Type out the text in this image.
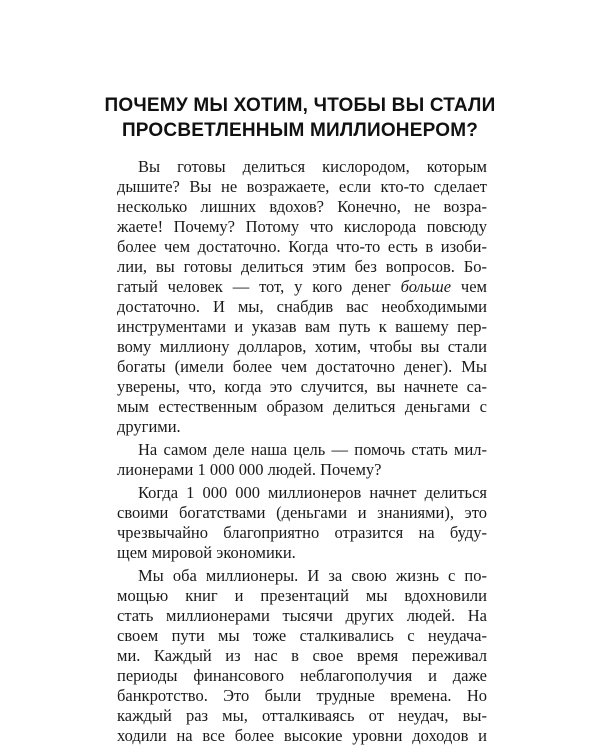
ПОЧЕМУ МЫ ХОТИМ, ЧТОБЫ ВЫ СТАЛИ
ПРОСВЕТЛЕННЫМ МИЛЛИОНЕРОМ?
Вы готовы делиться кислородом, которым
дышите? Вы не возражаете, если кто-то сделает
несколько лишних вдохов? Конечно, не возра-
жаете! Почему? Потому что кислорода повсюду
более чем достаточно. Когда что-то есть в изоби-
лии, вы готовы делиться этим без вопросов. Бо-
гатый человек — тот, у кого денег больше чем
достаточно. И мы, снабдив вас необходимыми
инструментами и указав вам путь к вашему пер-
вому миллиону долларов, хотим, чтобы вы стали
богаты (имели более чем достаточно денег). Мы
уверены, что, когда это случится, вы начнете са-
мым естественным образом делиться деньгами с
другими.
На самом деле наша цель — помочь стать мил-
лионерами 1 000 000 людей. Почему?
Когда 1 000 000 миллионеров начнет делиться
своими богатствами (деньгами и знаниями), это
чрезвычайно благоприятно отразится на буду-
щем мировой экономики.
Мы оба миллионеры. И за свою жизнь с по-
мощью книг и презентаций мы вдохновили
стать миллионерами тысячи других людей. На
своем пути мы тоже сталкивались с неудача-
ми. Каждый из нас в свое время переживал
периоды финансового неблагополучия и даже
банкротство. Это были трудные времена. Но
каждый раз мы, отталкиваясь от неудач, вы-
ходили на все более высокие уровни доходов и
